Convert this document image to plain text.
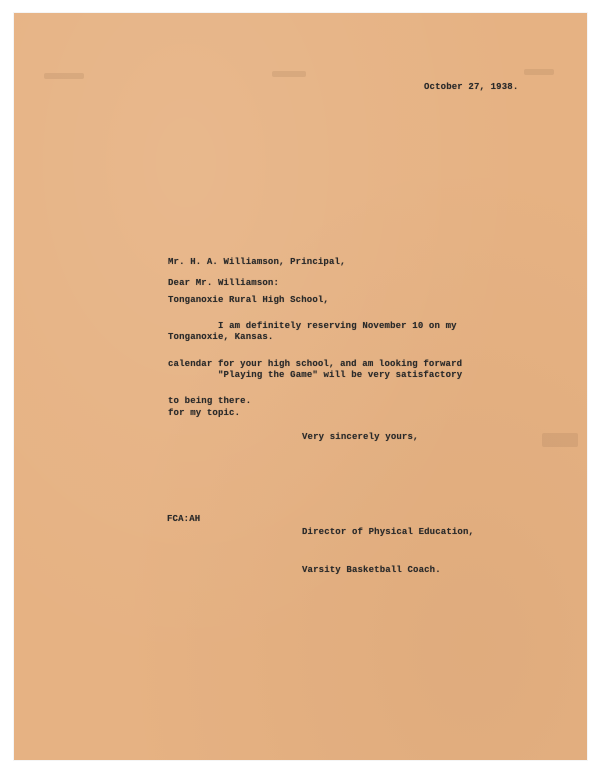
October 27, 1938.

Mr. H. A. Williamson, Principal,

Tonganoxie Rural High School,

Tonganoxie, Kansas.

Dear Mr. Williamson:

I am definitely reserving November 10 on my

calendar for your high school, and am looking forward

to being there.

"Playing the Game" will be very satisfactory

for my topic.

Very sincerely yours,

Director of Physical Education,

Varsity Basketball Coach.

FCA:AH
